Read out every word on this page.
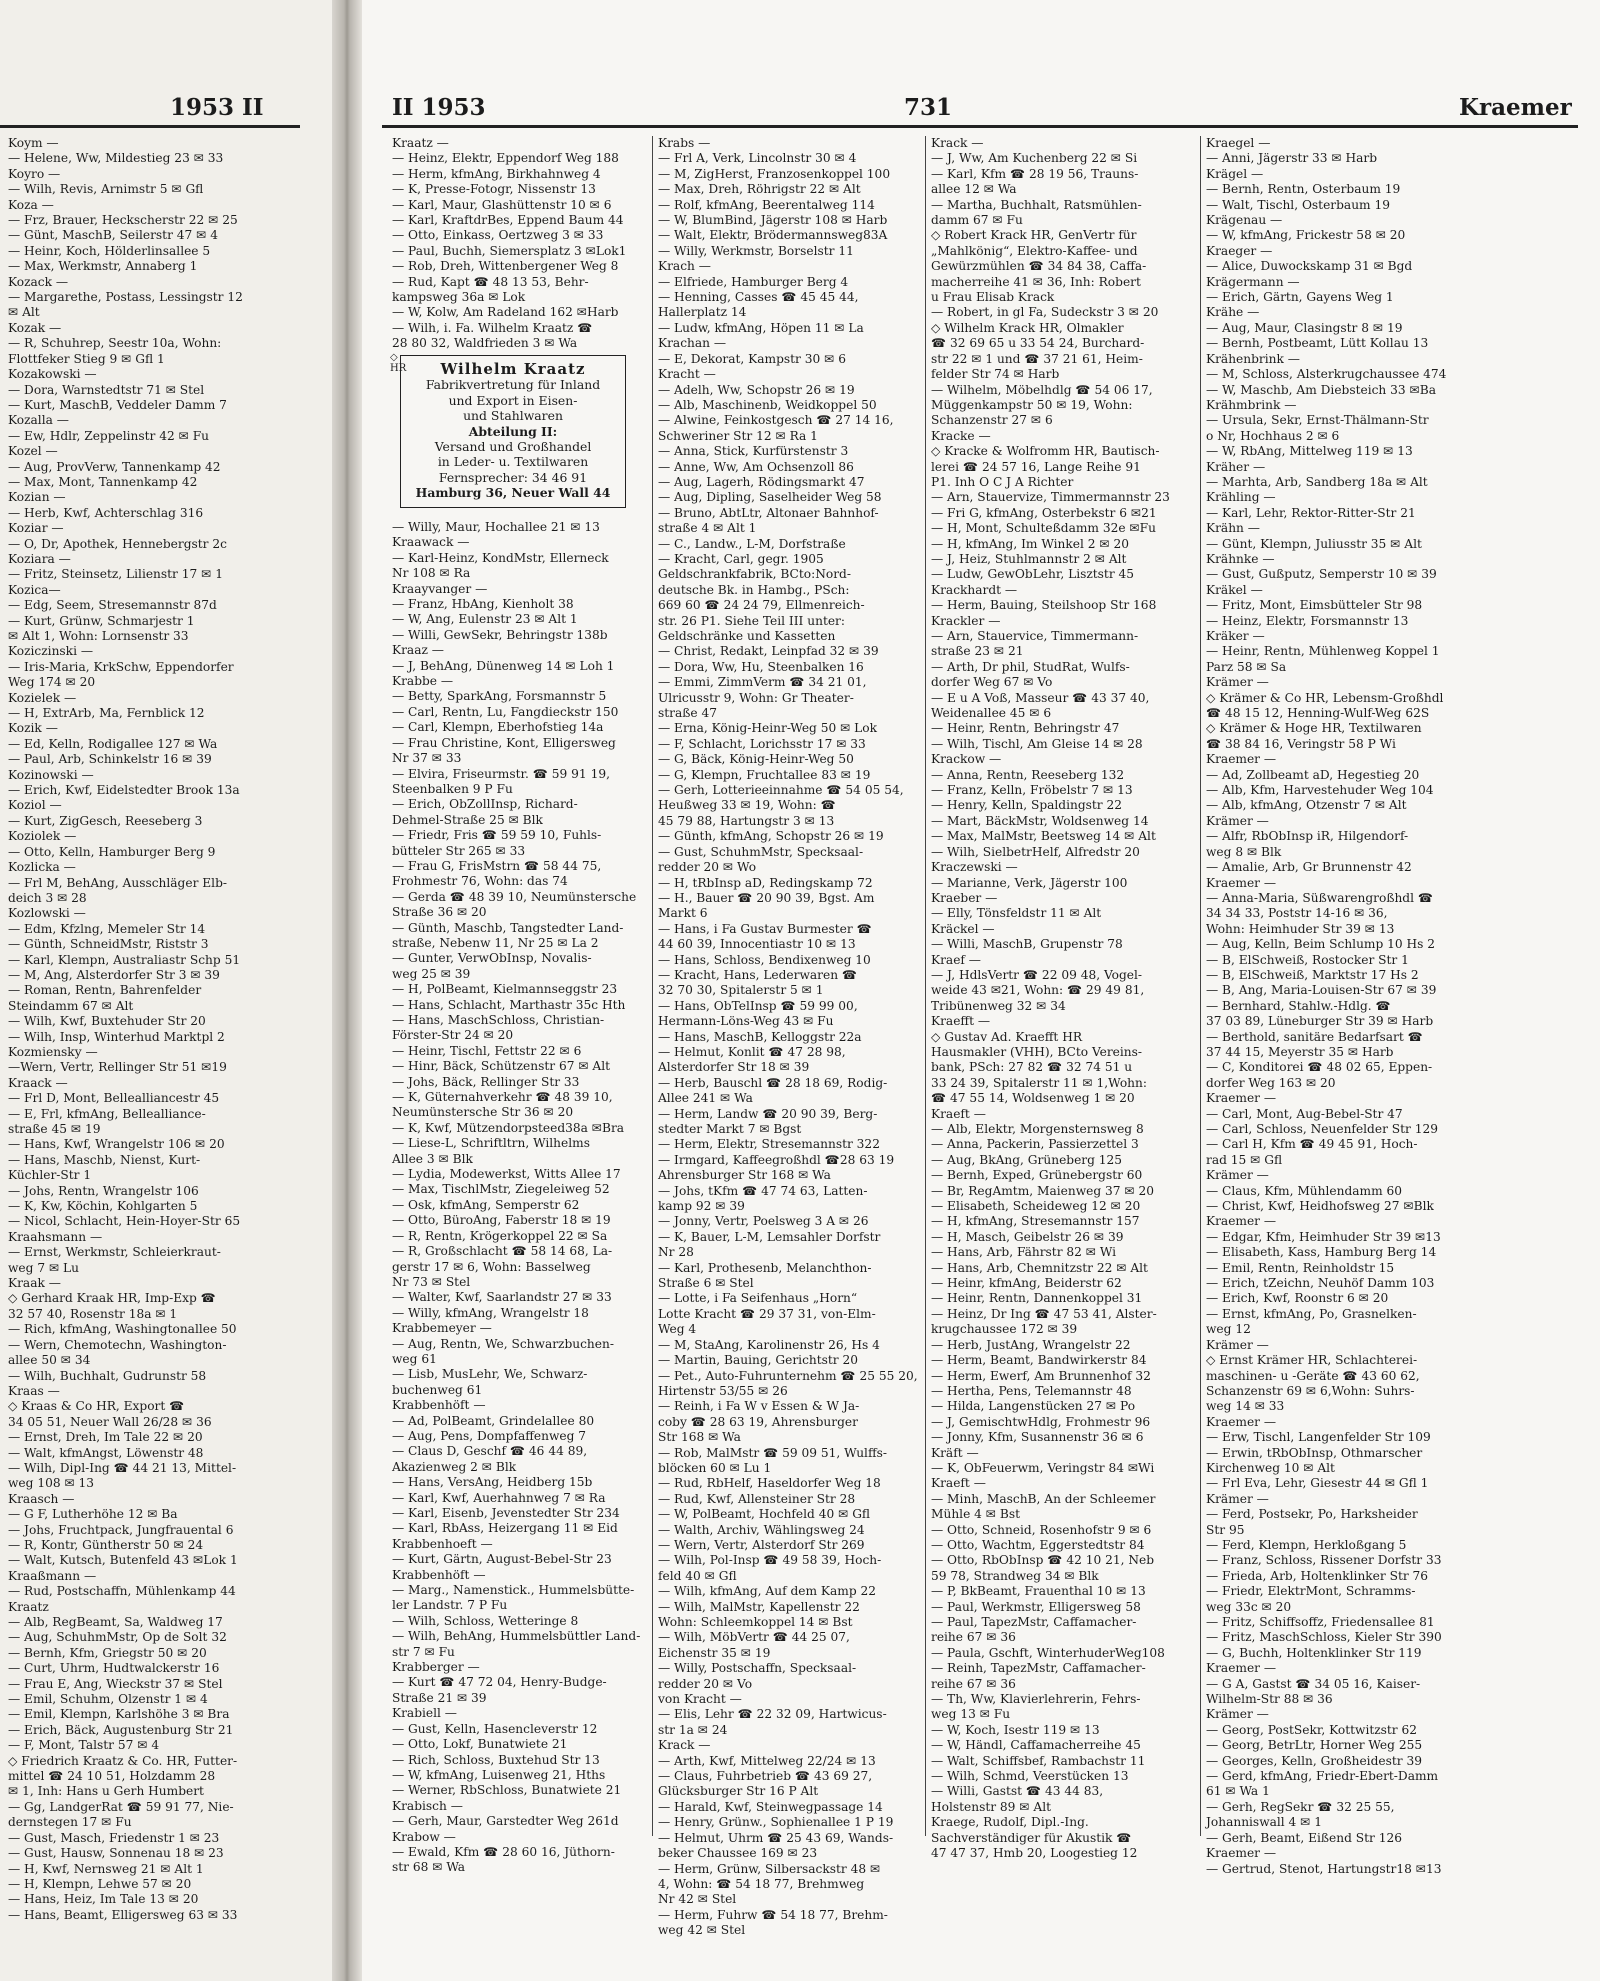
1953 II
Koym —
— Helene, Ww, Mildestieg 23 ✉ 33
Koyro —
— Wilh, Revis, Arnimstr 5 ✉ Gfl
Koza —
— Frz, Brauer, Heckscherstr 22 ✉ 25
— Günt, MaschB, Seilerstr 47 ✉ 4
— Heinr, Koch, Hölderlinsallee 5
— Max, Werkmstr, Annaberg 1
Kozack —
— Margarethe, Postass, Lessingstr 12
✉ Alt
Kozak —
— R, Schuhrep, Seestr 10a, Wohn:
Flottfeker Stieg 9 ✉ Gfl 1
Kozakowski —
— Dora, Warnstedtstr 71 ✉ Stel
— Kurt, MaschB, Veddeler Damm 7
Kozalla —
— Ew, Hdlr, Zeppelinstr 42 ✉ Fu
Kozel —
— Aug, ProvVerw, Tannenkamp 42
— Max, Mont, Tannenkamp 42
Kozian —
— Herb, Kwf, Achterschlag 316
Koziar —
— O, Dr, Apothek, Hennebergstr 2c
Koziara —
— Fritz, Steinsetz, Lilienstr 17 ✉ 1
Kozica—
— Edg, Seem, Stresemannstr 87d
— Kurt, Grünw, Schmarjestr 1
✉ Alt 1, Wohn: Lornsenstr 33
Koziczinski —
— Iris-Maria, KrkSchw, Eppendorfer
Weg 174 ✉ 20
Kozielek —
— H, ExtrArb, Ma, Fernblick 12
Kozik —
— Ed, Kelln, Rodigallee 127 ✉ Wa
— Paul, Arb, Schinkelstr 16 ✉ 39
Kozinowski —
— Erich, Kwf, Eidelstedter Brook 13a
Koziol —
— Kurt, ZigGesch, Reeseberg 3
Koziolek —
— Otto, Kelln, Hamburger Berg 9
Kozlicka —
— Frl M, BehAng, Ausschläger Elb-
deich 3 ✉ 28
Kozlowski —
— Edm, Kfzlng, Memeler Str 14
— Günth, SchneidMstr, Riststr 3
— Karl, Klempn, Australiastr Schp 51
— M, Ang, Alsterdorfer Str 3 ✉ 39
— Roman, Rentn, Bahrenfelder
Steindamm 67 ✉ Alt
— Wilh, Kwf, Buxtehuder Str 20
— Wilh, Insp, Winterhud Marktpl 2
Kozmiensky —
—Wern, Vertr, Rellinger Str 51 ✉19
Kraack —
— Frl D, Mont, Bellealliancestr 45
— E, Frl, kfmAng, Bellealliance-
straße 45 ✉ 19
— Hans, Kwf, Wrangelstr 106 ✉ 20
— Hans, Maschb, Nienst, Kurt-
Küchler-Str 1
— Johs, Rentn, Wrangelstr 106
— K, Kw, Köchin, Kohlgarten 5
— Nicol, Schlacht, Hein-Hoyer-Str 65
Kraahsmann —
— Ernst, Werkmstr, Schleierkraut-
weg 7 ✉ Lu
Kraak —
◇ Gerhard Kraak HR, Imp-Exp ☎
32 57 40, Rosenstr 18a ✉ 1
— Rich, kfmAng, Washingtonallee 50
— Wern, Chemotechn, Washington-
allee 50 ✉ 34
— Wilh, Buchhalt, Gudrunstr 58
Kraas —
◇ Kraas & Co HR, Export ☎
34 05 51, Neuer Wall 26/28 ✉ 36
— Ernst, Dreh, Im Tale 22 ✉ 20
— Walt, kfmAngst, Löwenstr 48
— Wilh, Dipl-Ing ☎ 44 21 13, Mittel-
weg 108 ✉ 13
Kraasch —
— G F, Lutherhöhe 12 ✉ Ba
— Johs, Fruchtpack, Jungfrauental 6
— R, Kontr, Güntherstr 50 ✉ 24
— Walt, Kutsch, Butenfeld 43 ✉Lok 1
Kraaßmann —
— Rud, Postschaffn, Mühlenkamp 44
Kraatz
— Alb, RegBeamt, Sa, Waldweg 17
— Aug, SchuhmMstr, Op de Solt 32
— Bernh, Kfm, Griegstr 50 ✉ 20
— Curt, Uhrm, Hudtwalckerstr 16
— Frau E, Ang, Wieckstr 37 ✉ Stel
— Emil, Schuhm, Olzenstr 1 ✉ 4
— Emil, Klempn, Karlshöhe 3 ✉ Bra
— Erich, Bäck, Augustenburg Str 21
— F, Mont, Talstr 57 ✉ 4
◇ Friedrich Kraatz & Co. HR, Futter-
mittel ☎ 24 10 51, Holzdamm 28
✉ 1, Inh: Hans u Gerh Humbert
— Gg, LandgerRat ☎ 59 91 77, Nie-
dernstegen 17 ✉ Fu
— Gust, Masch, Friedenstr 1 ✉ 23
— Gust, Hausw, Sonnenau 18 ✉ 23
— H, Kwf, Nernsweg 21 ✉ Alt 1
— H, Klempn, Lehwe 57 ✉ 20
— Hans, Heiz, Im Tale 13 ✉ 20
— Hans, Beamt, Elligersweg 63 ✉ 33
II 1953	731	Kraemer
Kraatz —
— Heinz, Elektr, Eppendorf Weg 188
— Herm, kfmAng, Birkhahnweg 4
— K, Presse-Fotogr, Nissenstr 13
— Karl, Maur, Glashüttenstr 10 ✉ 6
— Karl, KraftdrBes, Eppend Baum 44
— Otto, Einkass, Oertzweg 3 ✉ 33
— Paul, Buchh, Siemersplatz 3 ✉Lok1
— Rob, Dreh, Wittenbergener Weg 8
— Rud, Kapt ☎ 48 13 53, Behr-
kampsweg 36a ✉ Lok
— W, Kolw, Am Radeland 162 ✉Harb
— Wilh, i. Fa. Wilhelm Kraatz ☎
28 80 32, Waldfrieden 3 ✉ Wa
— Willy, Maur, Hochallee 21 ✉ 13
Kraawack —
— Karl-Heinz, KondMstr, Ellerneck
Nr 108 ✉ Ra
Kraayvanger —
— Franz, HbAng, Kienholt 38
— W, Ang, Eulenstr 23 ✉ Alt 1
— Willi, GewSekr, Behringstr 138b
Kraaz —
— J, BehAng, Dünenweg 14 ✉ Loh 1
Krabbe —
— Betty, SparkAng, Forsmannstr 5
— Carl, Rentn, Lu, Fangdieckstr 150
— Carl, Klempn, Eberhofstieg 14a
— Frau Christine, Kont, Elligersweg
Nr 37 ✉ 33
— Elvira, Friseurmstr. ☎ 59 91 19,
Steenbalken 9 P Fu
— Erich, ObZollInsp, Richard-
Dehmel-Straße 25 ✉ Blk
— Friedr, Fris ☎ 59 59 10, Fuhls-
bütteler Str 265 ✉ 33
— Frau G, FrisMstrn ☎ 58 44 75,
Frohmestr 76, Wohn: das 74
— Gerda ☎ 48 39 10, Neumünstersche
Straße 36 ✉ 20
— Günth, Maschb, Tangstedter Land-
straße, Nebenw 11, Nr 25 ✉ La 2
— Gunter, VerwObInsp, Novalis-
weg 25 ✉ 39
— H, PolBeamt, Kielmannseggstr 23
— Hans, Schlacht, Marthastr 35c Hth
— Hans, MaschSchloss, Christian-
Förster-Str 24 ✉ 20
— Heinr, Tischl, Fettstr 22 ✉ 6
— Hinr, Bäck, Schützenstr 67 ✉ Alt
— Johs, Bäck, Rellinger Str 33
— K, Güternahverkehr ☎ 48 39 10,
Neumünstersche Str 36 ✉ 20
— K, Kwf, Mützendorpsteed38a ✉Bra
— Liese-L, Schriftltrn, Wilhelms
Allee 3 ✉ Blk
— Lydia, Modewerkst, Witts Allee 17
— Max, TischlMstr, Ziegeleiweg 52
— Osk, kfmAng, Semperstr 62
— Otto, BüroAng, Faberstr 18 ✉ 19
— R, Rentn, Krögerkoppel 22 ✉ Sa
— R, Großschlacht ☎ 58 14 68, La-
gerstr 17 ✉ 6, Wohn: Basselweg
Nr 73 ✉ Stel
— Walter, Kwf, Saarlandstr 27 ✉ 33
— Willy, kfmAng, Wrangelstr 18
Krabbemeyer —
— Aug, Rentn, We, Schwarzbuchen-
weg 61
— Lisb, MusLehr, We, Schwarz-
buchenweg 61
Krabbenhöft —
— Ad, PolBeamt, Grindelallee 80
— Aug, Pens, Dompfaffenweg 7
— Claus D, Geschf ☎ 46 44 89,
Akazienweg 2 ✉ Blk
— Hans, VersAng, Heidberg 15b
— Karl, Kwf, Auerhahnweg 7 ✉ Ra
— Karl, Eisenb, Jevenstedter Str 234
— Karl, RbAss, Heizergang 11 ✉ Eid
Krabbenhoeft —
— Kurt, Gärtn, August-Bebel-Str 23
Krabbenhöft —
— Marg., Namenstick., Hummelsbütte-
ler Landstr. 7 P Fu
— Wilh, Schloss, Wetteringe 8
— Wilh, BehAng, Hummelsbüttler Land-
str 7 ✉ Fu
Krabberger —
— Kurt ☎ 47 72 04, Henry-Budge-
Straße 21 ✉ 39
Krabiell —
— Gust, Kelln, Hasencleverstr 12
— Otto, Lokf, Bunatwiete 21
— Rich, Schloss, Buxtehud Str 13
— W, kfmAng, Luisenweg 21, Hths
— Werner, RbSchloss, Bunatwiete 21
Krabisch —
— Gerh, Maur, Garstedter Weg 261d
Krabow —
— Ewald, Kfm ☎ 28 60 16, Jüthorn-
str 68 ✉ Wa
Krabs —
— Frl A, Verk, Lincolnstr 30 ✉ 4
— M, ZigHerst, Franzosenkoppel 100
— Max, Dreh, Röhrigstr 22 ✉ Alt
— Rolf, kfmAng, Beerentalweg 114
— W, BlumBind, Jägerstr 108 ✉ Harb
— Walt, Elektr, Brödermannsweg83A
— Willy, Werkmstr, Borselstr 11
Krach —
— Elfriede, Hamburger Berg 4
— Henning, Casses ☎ 45 45 44,
Hallerplatz 14
— Ludw, kfmAng, Höpen 11 ✉ La
Krachan —
— E, Dekorat, Kampstr 30 ✉ 6
Kracht —
— Adelh, Ww, Schopstr 26 ✉ 19
— Alb, Maschinenb, Weidkoppel 50
— Alwine, Feinkostgesch ☎ 27 14 16,
Schweriner Str 12 ✉ Ra 1
— Anna, Stick, Kurfürstenstr 3
— Anne, Ww, Am Ochsenzoll 86
— Aug, Lagerh, Rödingsmarkt 47
— Aug, Dipling, Saselheider Weg 58
— Bruno, AbtLtr, Altonaer Bahnhof-
straße 4 ✉ Alt 1
— C., Landw., L-M, Dorfstraße
— Kracht, Carl, gegr. 1905
Geldschrankfabrik, BCto:Nord-
deutsche Bk. in Hambg., PSch:
669 60 ☎ 24 24 79, Ellmenreich-
str. 26 P1. Siehe Teil III unter:
Geldschränke und Kassetten
— Christ, Redakt, Leinpfad 32 ✉ 39
— Dora, Ww, Hu, Steenbalken 16
— Emmi, ZimmVerm ☎ 34 21 01,
Ulricusstr 9, Wohn: Gr Theater-
straße 47
— Erna, König-Heinr-Weg 50 ✉ Lok
— F, Schlacht, Lorichsstr 17 ✉ 33
— G, Bäck, König-Heinr-Weg 50
— G, Klempn, Fruchtallee 83 ✉ 19
— Gerh, Lotterieeinnahme ☎ 54 05 54,
Heußweg 33 ✉ 19, Wohn: ☎
45 79 88, Hartungstr 3 ✉ 13
— Günth, kfmAng, Schopstr 26 ✉ 19
— Gust, SchuhmMstr, Specksaal-
redder 20 ✉ Wo
— H, tRbInsp aD, Redingskamp 72
— H., Bauer ☎ 20 90 39, Bgst. Am
Markt 6
— Hans, i Fa Gustav Burmester ☎
44 60 39, Innocentiastr 10 ✉ 13
— Hans, Schloss, Bendixenweg 10
— Kracht, Hans, Lederwaren ☎
32 70 30, Spitalerstr 5 ✉ 1
— Hans, ObTelInsp ☎ 59 99 00,
Hermann-Löns-Weg 43 ✉ Fu
— Hans, MaschB, Kelloggstr 22a
— Helmut, Konlit ☎ 47 28 98,
Alsterdorfer Str 18 ✉ 39
— Herb, Bauschl ☎ 28 18 69, Rodig-
Allee 241 ✉ Wa
— Herm, Landw ☎ 20 90 39, Berg-
stedter Markt 7 ✉ Bgst
— Herm, Elektr, Stresemannstr 322
— Irmgard, Kaffeegroßhdl ☎28 63 19
Ahrensburger Str 168 ✉ Wa
— Johs, tKfm ☎ 47 74 63, Latten-
kamp 92 ✉ 39
— Jonny, Vertr, Poelsweg 3 A ✉ 26
— K, Bauer, L-M, Lemsahler Dorfstr
Nr 28
— Karl, Prothesenb, Melanchthon-
Straße 6 ✉ Stel
— Lotte, i Fa Seifenhaus „Horn“
Lotte Kracht ☎ 29 37 31, von-Elm-
Weg 4
— M, StaAng, Karolinenstr 26, Hs 4
— Martin, Bauing, Gerichtstr 20
— Pet., Auto-Fuhrunternehm ☎ 25 55 20,
Hirtenstr 53/55 ✉ 26
— Reinh, i Fa W v Essen & W Ja-
coby ☎ 28 63 19, Ahrensburger
Str 168 ✉ Wa
— Rob, MalMstr ☎ 59 09 51, Wulffs-
blöcken 60 ✉ Lu 1
— Rud, RbHelf, Haseldorfer Weg 18
— Rud, Kwf, Allensteiner Str 28
— W, PolBeamt, Hochfeld 40 ✉ Gfl
— Walth, Archiv, Wählingsweg 24
— Wern, Vertr, Alsterdorf Str 269
— Wilh, Pol-Insp ☎ 49 58 39, Hoch-
feld 40 ✉ Gfl
— Wilh, kfmAng, Auf dem Kamp 22
— Wilh, MalMstr, Kapellenstr 22
Wohn: Schleemkoppel 14 ✉ Bst
— Wilh, MöbVertr ☎ 44 25 07,
Eichenstr 35 ✉ 19
— Willy, Postschaffn, Specksaal-
redder 20 ✉ Vo
von Kracht —
— Elis, Lehr ☎ 22 32 09, Hartwicus-
str 1a ✉ 24
Krack —
— Arth, Kwf, Mittelweg 22/24 ✉ 13
— Claus, Fuhrbetrieb ☎ 43 69 27,
Glücksburger Str 16 P Alt
— Harald, Kwf, Steinwegpassage 14
— Henry, Grünw., Sophienallee 1 P 19
— Helmut, Uhrm ☎ 25 43 69, Wands-
beker Chaussee 169 ✉ 23
— Herm, Grünw, Silbersackstr 48 ✉
4, Wohn: ☎ 54 18 77, Brehmweg
Nr 42 ✉ Stel
— Herm, Fuhrw ☎ 54 18 77, Brehm-
weg 42 ✉ Stel
Krack —
— J, Ww, Am Kuchenberg 22 ✉ Si
— Karl, Kfm ☎ 28 19 56, Trauns-
allee 12 ✉ Wa
— Martha, Buchhalt, Ratsmühlen-
damm 67 ✉ Fu
◇ Robert Krack HR, GenVertr für
„Mahlkönig“, Elektro-Kaffee- und
Gewürzmühlen ☎ 34 84 38, Caffa-
macherreihe 41 ✉ 36, Inh: Robert
u Frau Elisab Krack
— Robert, in gl Fa, Sudeckstr 3 ✉ 20
◇ Wilhelm Krack HR, Olmakler
☎ 32 69 65 u 33 54 24, Burchard-
str 22 ✉ 1 und ☎ 37 21 61, Heim-
felder Str 74 ✉ Harb
— Wilhelm, Möbelhdlg ☎ 54 06 17,
Müggenkampstr 50 ✉ 19, Wohn:
Schanzenstr 27 ✉ 6
Kracke —
◇ Kracke & Wolfromm HR, Bautisch-
lerei ☎ 24 57 16, Lange Reihe 91
P1. Inh O C J A Richter
— Arn, Stauervize, Timmermannstr 23
— Fri G, kfmAng, Osterbekstr 6 ✉21
— H, Mont, Schulteßdamm 32e ✉Fu
— H, kfmAng, Im Winkel 2 ✉ 20
— J, Heiz, Stuhlmannstr 2 ✉ Alt
— Ludw, GewObLehr, Lisztstr 45
Krackhardt —
— Herm, Bauing, Steilshoop Str 168
Krackler —
— Arn, Stauervice, Timmermann-
straße 23 ✉ 21
— Arth, Dr phil, StudRat, Wulfs-
dorfer Weg 67 ✉ Vo
— E u A Voß, Masseur ☎ 43 37 40,
Weidenallee 45 ✉ 6
— Heinr, Rentn, Behringstr 47
— Wilh, Tischl, Am Gleise 14 ✉ 28
Krackow —
— Anna, Rentn, Reeseberg 132
— Franz, Kelln, Fröbelstr 7 ✉ 13
— Henry, Kelln, Spaldingstr 22
— Mart, BäckMstr, Woldsenweg 14
— Max, MalMstr, Beetsweg 14 ✉ Alt
— Wilh, SielbetrHelf, Alfredstr 20
Kraczewski —
— Marianne, Verk, Jägerstr 100
Kraeber —
— Elly, Tönsfeldstr 11 ✉ Alt
Kräckel —
— Willi, MaschB, Grupenstr 78
Kraef —
— J, HdlsVertr ☎ 22 09 48, Vogel-
weide 43 ✉21, Wohn: ☎ 29 49 81,
Tribünenweg 32 ✉ 34
Kraefft —
◇ Gustav Ad. Kraefft HR
Hausmakler (VHH), BCto Vereins-
bank, PSch: 27 82 ☎ 32 74 51 u
33 24 39, Spitalerstr 11 ✉ 1,Wohn:
☎ 47 55 14, Woldsenweg 1 ✉ 20
Kraeft —
— Alb, Elektr, Morgensternsweg 8
— Anna, Packerin, Passierzettel 3
— Aug, BkAng, Grüneberg 125
— Bernh, Exped, Grünebergstr 60
— Br, RegAmtm, Maienweg 37 ✉ 20
— Elisabeth, Scheideweg 12 ✉ 20
— H, kfmAng, Stresemannstr 157
— H, Masch, Geibelstr 26 ✉ 39
— Hans, Arb, Fährstr 82 ✉ Wi
— Hans, Arb, Chemnitzstr 22 ✉ Alt
— Heinr, kfmAng, Beiderstr 62
— Heinr, Rentn, Dannenkoppel 31
— Heinz, Dr Ing ☎ 47 53 41, Alster-
krugchaussee 172 ✉ 39
— Herb, JustAng, Wrangelstr 22
— Herm, Beamt, Bandwirkerstr 84
— Herm, Ewerf, Am Brunnenhof 32
— Hertha, Pens, Telemannstr 48
— Hilda, Langenstücken 27 ✉ Po
— J, GemischtwHdlg, Frohmestr 96
— Jonny, Kfm, Susannenstr 36 ✉ 6
Kräft —
— K, ObFeuerwm, Veringstr 84 ✉Wi
Kraeft —
— Minh, MaschB, An der Schleemer
Mühle 4 ✉ Bst
— Otto, Schneid, Rosenhofstr 9 ✉ 6
— Otto, Wachtm, Eggerstedtstr 84
— Otto, RbObInsp ☎ 42 10 21, Neb
59 78, Strandweg 34 ✉ Blk
— P, BkBeamt, Frauenthal 10 ✉ 13
— Paul, Werkmstr, Elligersweg 58
— Paul, TapezMstr, Caffamacher-
reihe 67 ✉ 36
— Paula, Gschft, WinterhuderWeg108
— Reinh, TapezMstr, Caffamacher-
reihe 67 ✉ 36
— Th, Ww, Klavierlehrerin, Fehrs-
weg 13 ✉ Fu
— W, Koch, Isestr 119 ✉ 13
— W, Händl, Caffamacherreihe 45
— Walt, Schiffsbef, Rambachstr 11
— Wilh, Schmd, Veerstücken 13
— Willi, Gastst ☎ 43 44 83,
Holstenstr 89 ✉ Alt
Kraege, Rudolf, Dipl.-Ing.
Sachverständiger für Akustik ☎
47 47 37, Hmb 20, Loogestieg 12
Kraegel —
— Anni, Jägerstr 33 ✉ Harb
Krägel —
— Bernh, Rentn, Osterbaum 19
— Walt, Tischl, Osterbaum 19
Krägenau —
— W, kfmAng, Frickestr 58 ✉ 20
Kraeger —
— Alice, Duwockskamp 31 ✉ Bgd
Krägermann —
— Erich, Gärtn, Gayens Weg 1
Krähe —
— Aug, Maur, Clasingstr 8 ✉ 19
— Bernh, Postbeamt, Lütt Kollau 13
Krähenbrink —
— M, Schloss, Alsterkrugchaussee 474
— W, Maschb, Am Diebsteich 33 ✉Ba
Krähmbrink —
— Ursula, Sekr, Ernst-Thälmann-Str
o Nr, Hochhaus 2 ✉ 6
— W, RbAng, Mittelweg 119 ✉ 13
Kräher —
— Marhta, Arb, Sandberg 18a ✉ Alt
Krähling —
— Karl, Lehr, Rektor-Ritter-Str 21
Krähn —
— Günt, Klempn, Juliusstr 35 ✉ Alt
Krähnke —
— Gust, Gußputz, Semperstr 10 ✉ 39
Kräkel —
— Fritz, Mont, Eimsbütteler Str 98
— Heinz, Elektr, Forsmannstr 13
Kräker —
— Heinr, Rentn, Mühlenweg Koppel 1
Parz 58 ✉ Sa
Krämer —
◇ Krämer & Co HR, Lebensm-Großhdl
☎ 48 15 12, Henning-Wulf-Weg 62S
◇ Krämer & Hoge HR, Textilwaren
☎ 38 84 16, Veringstr 58 P Wi
Kraemer —
— Ad, Zollbeamt aD, Hegestieg 20
— Alb, Kfm, Harvestehuder Weg 104
— Alb, kfmAng, Otzenstr 7 ✉ Alt
Krämer —
— Alfr, RbObInsp iR, Hilgendorf-
weg 8 ✉ Blk
— Amalie, Arb, Gr Brunnenstr 42
Kraemer —
— Anna-Maria, Süßwarengroßhdl ☎
34 34 33, Poststr 14-16 ✉ 36,
Wohn: Heimhuder Str 39 ✉ 13
— Aug, Kelln, Beim Schlump 10 Hs 2
— B, ElSchweiß, Rostocker Str 1
— B, ElSchweiß, Marktstr 17 Hs 2
— B, Ang, Maria-Louisen-Str 67 ✉ 39
— Bernhard, Stahlw.-Hdlg. ☎
37 03 89, Lüneburger Str 39 ✉ Harb
— Berthold, sanitäre Bedarfsart ☎
37 44 15, Meyerstr 35 ✉ Harb
— C, Konditorei ☎ 48 02 65, Eppen-
dorfer Weg 163 ✉ 20
Kraemer —
— Carl, Mont, Aug-Bebel-Str 47
— Carl, Schloss, Neuenfelder Str 129
— Carl H, Kfm ☎ 49 45 91, Hoch-
rad 15 ✉ Gfl
Krämer —
— Claus, Kfm, Mühlendamm 60
— Christ, Kwf, Heidhofsweg 27 ✉Blk
Kraemer —
— Edgar, Kfm, Heimhuder Str 39 ✉13
— Elisabeth, Kass, Hamburg Berg 14
— Emil, Rentn, Reinholdstr 15
— Erich, tZeichn, Neuhöf Damm 103
— Erich, Kwf, Roonstr 6 ✉ 20
— Ernst, kfmAng, Po, Grasnelken-
weg 12
Krämer —
◇ Ernst Krämer HR, Schlachterei-
maschinen- u -Geräte ☎ 43 60 62,
Schanzenstr 69 ✉ 6,Wohn: Suhrs-
weg 14 ✉ 33
Kraemer —
— Erw, Tischl, Langenfelder Str 109
— Erwin, tRbObInsp, Othmarscher
Kirchenweg 10 ✉ Alt
— Frl Eva, Lehr, Giesestr 44 ✉ Gfl 1
Krämer —
— Ferd, Postsekr, Po, Harksheider
Str 95
— Ferd, Klempn, Herkloßgang 5
— Franz, Schloss, Rissener Dorfstr 33
— Frieda, Arb, Holtenklinker Str 76
— Friedr, ElektrMont, Schramms-
weg 33c ✉ 20
— Fritz, Schiffsoffz, Friedensallee 81
— Fritz, MaschSchloss, Kieler Str 390
— G, Buchh, Holtenklinker Str 119
Kraemer —
— G A, Gastst ☎ 34 05 16, Kaiser-
Wilhelm-Str 88 ✉ 36
Krämer —
— Georg, PostSekr, Kottwitzstr 62
— Georg, BetrLtr, Horner Weg 255
— Georges, Kelln, Großheidestr 39
— Gerd, kfmAng, Friedr-Ebert-Damm
61 ✉ Wa 1
— Gerh, RegSekr ☎ 32 25 55,
Johanniswall 4 ✉ 1
— Gerh, Beamt, Eißend Str 126
Kraemer —
— Gertrud, Stenot, Hartungstr18 ✉13
◇ HR	Wilhelm Kraatz
Fabrikvertretung für Inland
und Export in Eisen-
und Stahlwaren
Abteilung II:
Versand und Großhandel
in Leder- u. Textilwaren
Fernsprecher: 34 46 91
Hamburg 36, Neuer Wall 44
